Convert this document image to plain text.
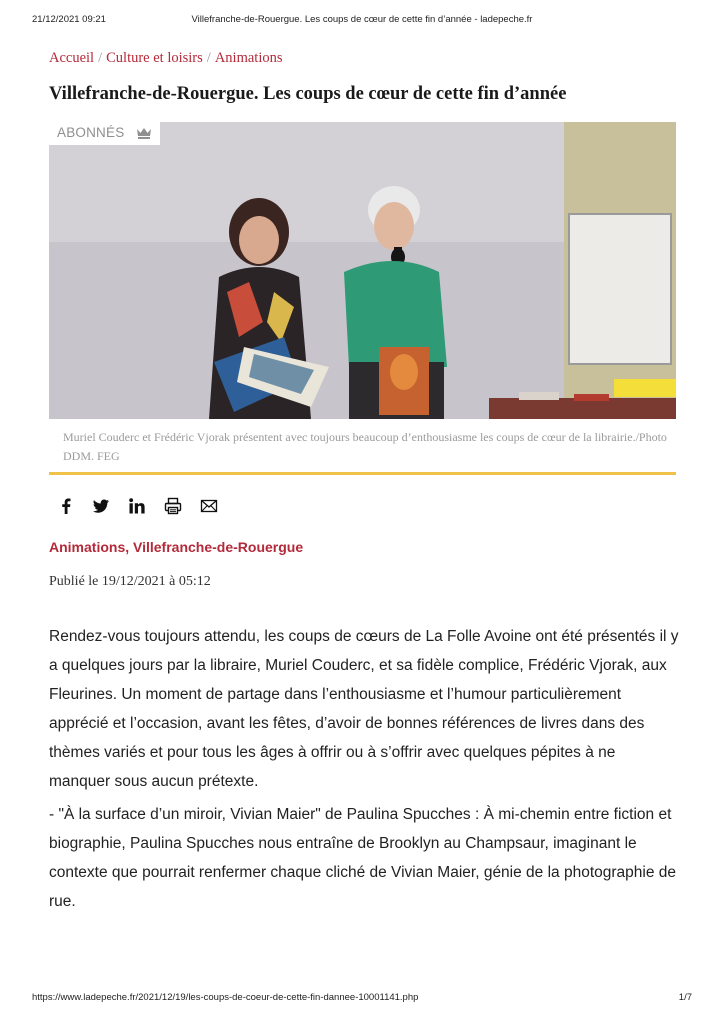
21/12/2021 09:21	Villefranche-de-Rouergue. Les coups de cœur de cette fin d’année - ladepeche.fr
Accueil / Culture et loisirs / Animations
Villefranche-de-Rouergue. Les coups de cœur de cette fin d’année
ABONNÉS

Muriel Couderc et Frédéric Vjorak présentent avec toujours beaucoup d’enthousiasme les coups de cœur de la librairie./Photo DDM. FEG

Animations, Villefranche-de-Rouergue
Publié le 19/12/2021 à 05:12

Rendez-vous toujours attendu, les coups de cœurs de La Folle Avoine ont été présentés il y a quelques jours par la libraire, Muriel Couderc, et sa fidèle complice, Frédéric Vjorak, aux Fleurines. Un moment de partage dans l’enthousiasme et l’humour particulièrement apprécié et l’occasion, avant les fêtes, d’avoir de bonnes références de livres dans des thèmes variés et pour tous les âges à offrir ou à s’offrir avec quelques pépites à ne manquer sous aucun prétexte.

- "À la surface d’un miroir, Vivian Maier" de Paulina Spucches : À mi-chemin entre fiction et biographie, Paulina Spucches nous entraîne de Brooklyn au Champsaur, imaginant le contexte que pourrait renfermer chaque cliché de Vivian Maier, génie de la photographie de rue.

https://www.ladepeche.fr/2021/12/19/les-coups-de-coeur-de-cette-fin-dannee-10001141.php	1/7
